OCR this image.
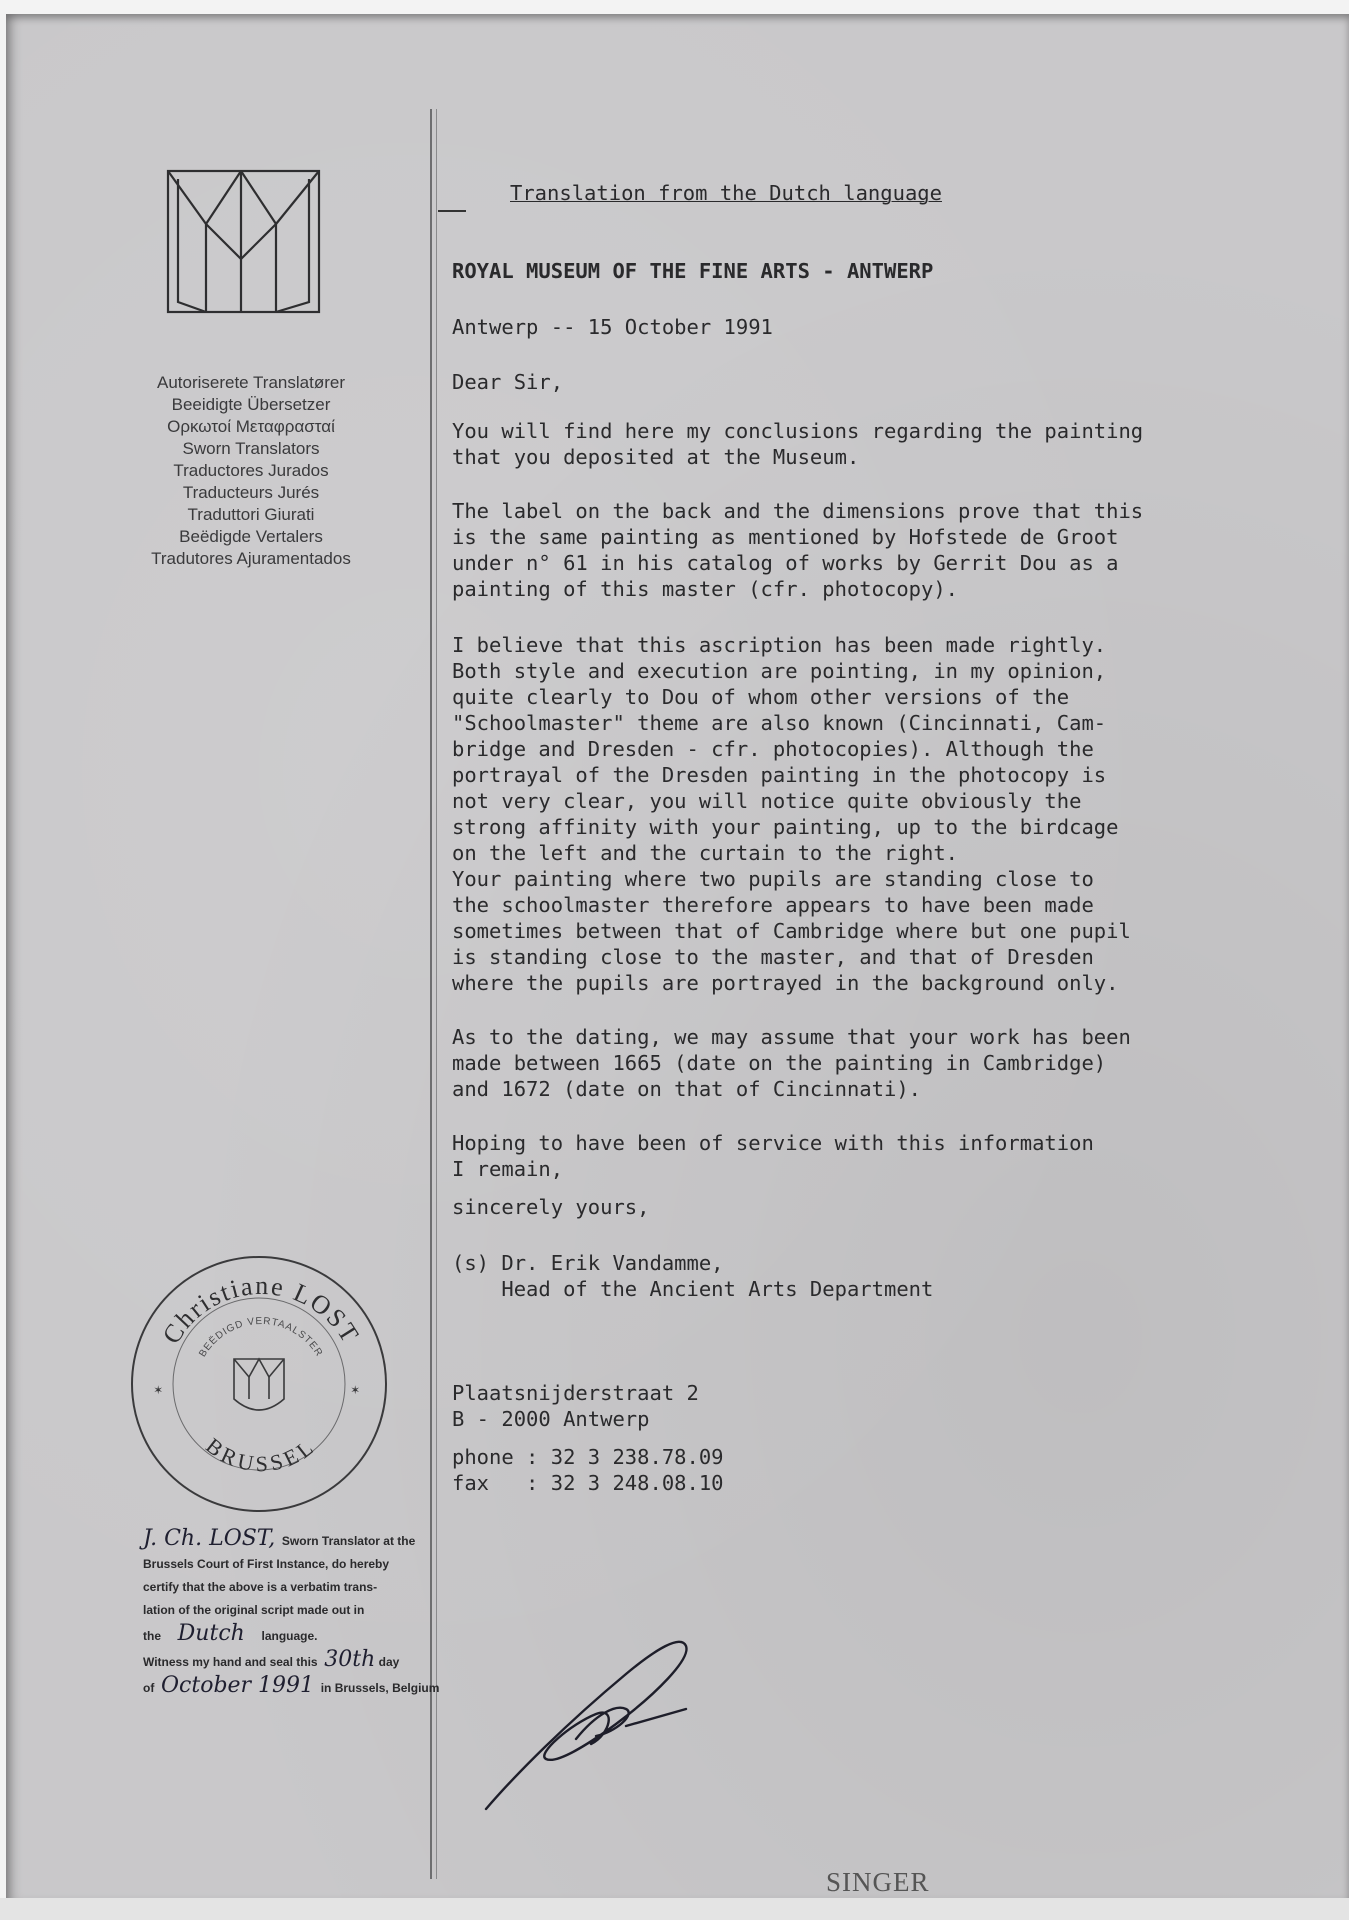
Autoriserete Translatører
Beeidigte Übersetzer
Ορκωτοί Μεταφρασταί
Sworn Translators
Traductores Jurados
Traducteurs Jurés
Traduttori Giurati
Beëdigde Vertalers
Tradutores Ajuramentados
Translation from the Dutch language
ROYAL MUSEUM OF THE FINE ARTS - ANTWERP
Antwerp -- 15 October 1991
Dear Sir,
You will find here my conclusions regarding the painting
that you deposited at the Museum.
The label on the back and the dimensions prove that this
is the same painting as mentioned by Hofstede de Groot
under n° 61 in his catalog of works by Gerrit Dou as a
painting of this master (cfr. photocopy).
I believe that this ascription has been made rightly.
Both style and execution are pointing, in my opinion,
quite clearly to Dou of whom other versions of the
"Schoolmaster" theme are also known (Cincinnati, Cam-
bridge and Dresden - cfr. photocopies). Although the
portrayal of the Dresden painting in the photocopy is
not very clear, you will notice quite obviously the
strong affinity with your painting, up to the birdcage
on the left and the curtain to the right.
Your painting where two pupils are standing close to
the schoolmaster therefore appears to have been made
sometimes between that of Cambridge where but one pupil
is standing close to the master, and that of Dresden
where the pupils are portrayed in the background only.
As to the dating, we may assume that your work has been
made between 1665 (date on the painting in Cambridge)
and 1672 (date on that of Cincinnati).
Hoping to have been of service with this information
I remain,
sincerely yours,
(s) Dr. Erik Vandamme,
Head of the Ancient Arts Department
Plaatsnijderstraat 2
B - 2000 Antwerp
phone : 32 3 238.78.09
fax   : 32 3 248.08.10
Christiane LOST
BEËDIGD VERTAALSTER
BRUSSEL
✶	✶
J. Ch. LOST, Sworn Translator at the
Brussels Court of First Instance, do hereby
certify that the above is a verbatim trans-
lation of the original script made out in
the Dutch language.
Witness my hand and seal this 30th day
of October 1991 in Brussels, Belgium
SINGER
